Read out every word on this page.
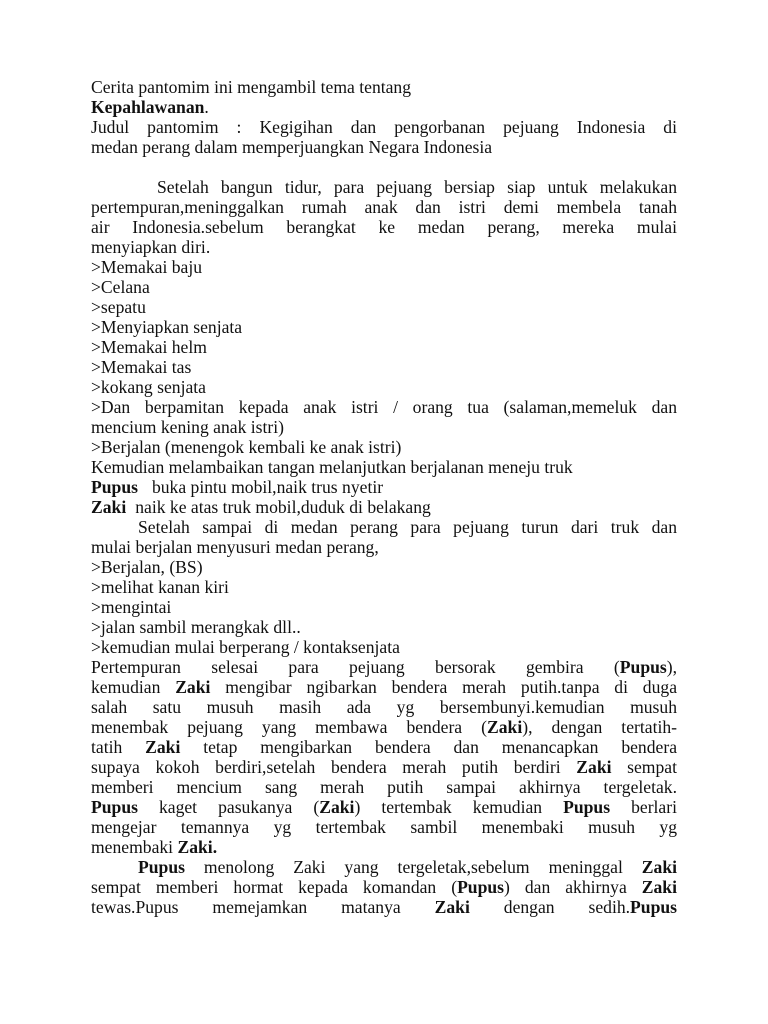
Cerita pantomim ini mengambil tema tentang
Kepahlawanan.
Judul pantomim : Kegigihan dan pengorbanan pejuang Indonesia di
medan perang dalam memperjuangkan Negara Indonesia
Setelah bangun tidur, para pejuang bersiap siap untuk melakukan
pertempuran,meninggalkan rumah anak dan istri demi membela tanah
air Indonesia.sebelum berangkat ke medan perang, mereka mulai
menyiapkan diri.
>Memakai baju
>Celana
>sepatu
>Menyiapkan senjata
>Memakai helm
>Memakai tas
>kokang senjata
>Dan berpamitan kepada anak istri / orang tua (salaman,memeluk dan
mencium kening anak istri)
>Berjalan (menengok kembali ke anak istri)
Kemudian melambaikan tangan melanjutkan berjalanan meneju truk
Pupus buka pintu mobil,naik trus nyetir
Zaki naik ke atas truk mobil,duduk di belakang
Setelah sampai di medan perang para pejuang turun dari truk dan
mulai berjalan menyusuri medan perang,
>Berjalan, (BS)
>melihat kanan kiri
>mengintai
>jalan sambil merangkak dll..
>kemudian mulai berperang / kontaksenjata
Pertempuran selesai para pejuang bersorak gembira (Pupus),
kemudian Zaki mengibar ngibarkan bendera merah putih.tanpa di duga
salah satu musuh masih ada yg bersembunyi.kemudian musuh
menembak pejuang yang membawa bendera (Zaki), dengan tertatih-
tatih Zaki tetap mengibarkan bendera dan menancapkan bendera
supaya kokoh berdiri,setelah bendera merah putih berdiri Zaki sempat
memberi mencium sang merah putih sampai akhirnya tergeletak.
Pupus kaget pasukanya (Zaki) tertembak kemudian Pupus berlari
mengejar temannya yg tertembak sambil menembaki musuh yg
menembaki Zaki.
Pupus menolong Zaki yang tergeletak,sebelum meninggal Zaki
sempat memberi hormat kepada komandan (Pupus) dan akhirnya Zaki
tewas.Pupus memejamkan matanya Zaki dengan sedih.Pupus
